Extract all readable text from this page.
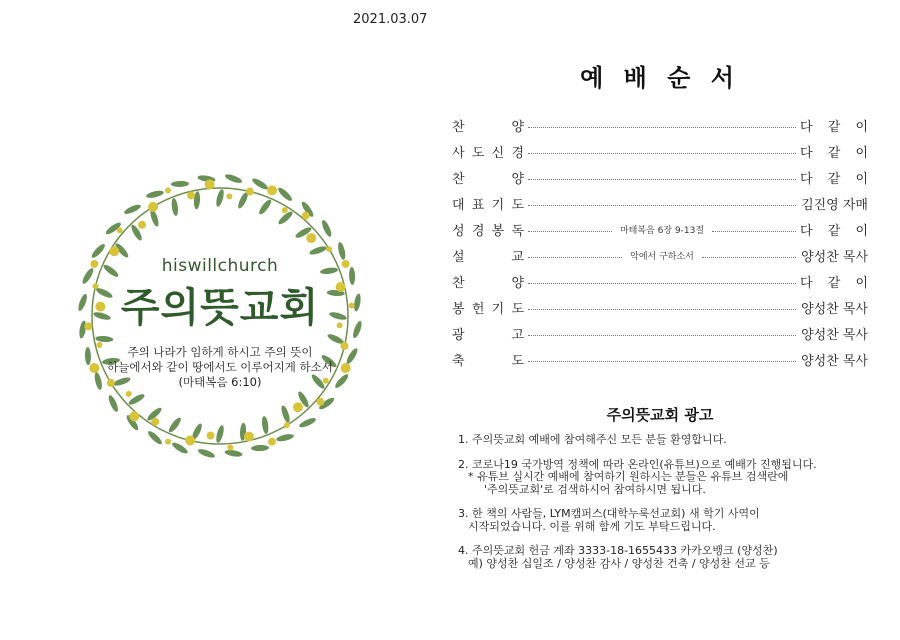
2021.03.07
hiswillchurch
주의뜻교회
주의 나라가 임하게 하시고 주의 뜻이
하늘에서와 같이 땅에서도 이루어지게 하소서
(마태복음 6:10)
예 배 순 서
찬	양	다 같 이
사 도 신 경	다 같 이
찬	양	다 같 이
대 표 기 도	김진영 자매
성 경 봉 독	마태복음 6장 9-13절	다 같 이
설	교	악에서 구하소서	양성찬 목사
찬	양	다 같 이
봉 헌 기 도	양성찬 목사
광	고	양성찬 목사
축	도	양성찬 목사
주의뜻교회 광고
1. 주의뜻교회 예배에 참여해주신 모든 분들 환영합니다.
2. 코로나19 국가방역 정책에 따라 온라인(유튜브)으로 예배가 진행됩니다.
* 유튜브 실시간 예배에 참여하기 원하시는 분들은 유튜브 검색란에
'주의뜻교회'로 검색하시어 참여하시면 됩니다.
3. 한 책의 사람들, LYM캠퍼스(대학누룩선교회) 새 학기 사역이
시작되었습니다. 이를 위해 함께 기도 부탁드립니다.
4. 주의뜻교회 헌금 계좌 3333-18-1655433 카카오뱅크 (양성찬)
예) 양성찬 십일조 / 양성찬 감사 / 양성찬 건축 / 양성찬 선교 등
